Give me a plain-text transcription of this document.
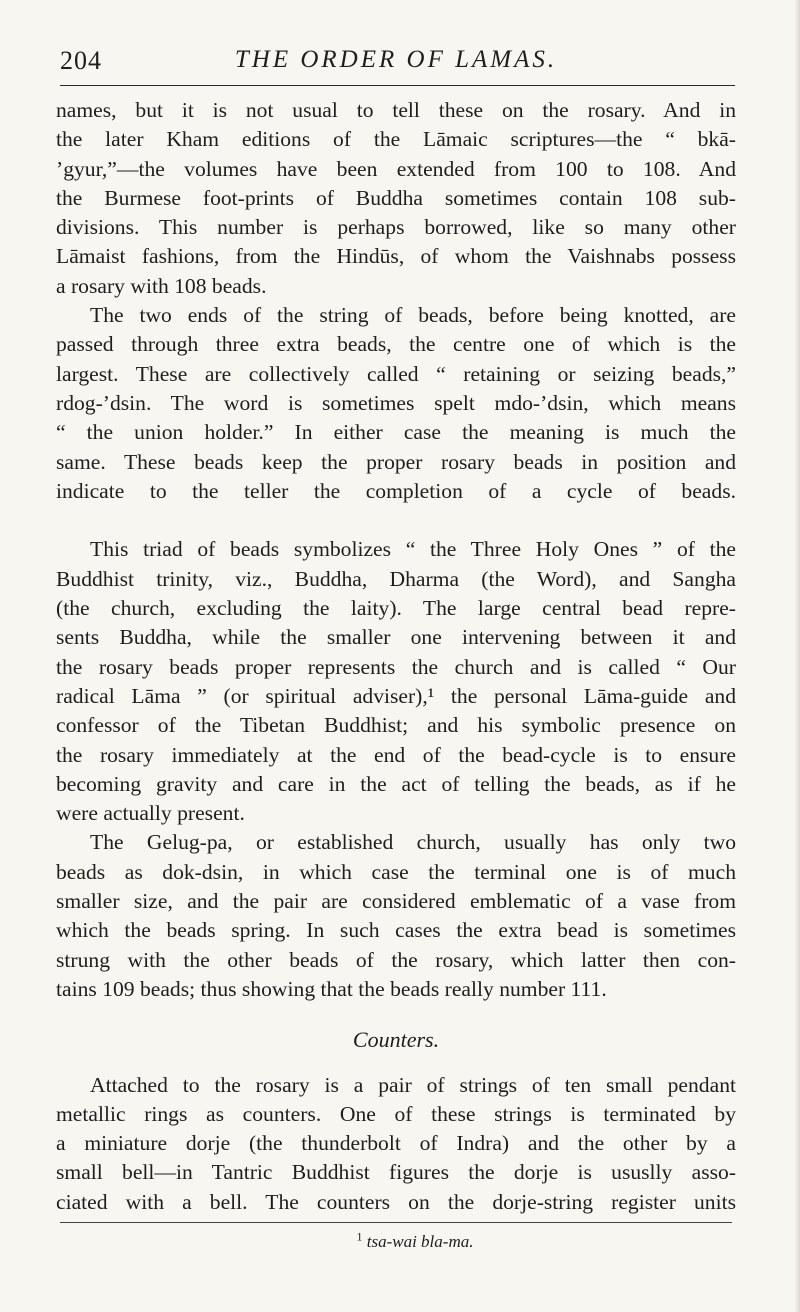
204	THE ORDER OF LAMAS.
names, but it is not usual to tell these on the rosary. And in
the later Kham editions of the Lāmaic scriptures—the “ bkā-
’gyur,”—the volumes have been extended from 100 to 108. And
the Burmese foot-prints of Buddha sometimes contain 108 sub-
divisions. This number is perhaps borrowed, like so many other
Lāmaist fashions, from the Hindūs, of whom the Vaishnabs possess
a rosary with 108 beads.
The two ends of the string of beads, before being knotted, are
passed through three extra beads, the centre one of which is the
largest. These are collectively called “ retaining or seizing beads,”
rdog-’dsin. The word is sometimes spelt mdo-’dsin, which means
“ the union holder.” In either case the meaning is much the
same. These beads keep the proper rosary beads in position and
indicate to the teller the completion of a cycle of beads.
This triad of beads symbolizes “ the Three Holy Ones ” of the
Buddhist trinity, viz., Buddha, Dharma (the Word), and Sangha
(the church, excluding the laity). The large central bead repre-
sents Buddha, while the smaller one intervening between it and
the rosary beads proper represents the church and is called “ Our
radical Lāma ” (or spiritual adviser),¹ the personal Lāma-guide and
confessor of the Tibetan Buddhist; and his symbolic presence on
the rosary immediately at the end of the bead-cycle is to ensure
becoming gravity and care in the act of telling the beads, as if he
were actually present.
The Gelug-pa, or established church, usually has only two
beads as dok-dsin, in which case the terminal one is of much
smaller size, and the pair are considered emblematic of a vase from
which the beads spring. In such cases the extra bead is sometimes
strung with the other beads of the rosary, which latter then con-
tains 109 beads; thus showing that the beads really number 111.
Counters.
Attached to the rosary is a pair of strings of ten small pendant
metallic rings as counters. One of these strings is terminated by
a miniature dorje (the thunderbolt of Indra) and the other by a
small bell—in Tantric Buddhist figures the dorje is ususlly asso-
ciated with a bell. The counters on the dorje-string register units
$^1$ tsa-wai bla-ma.
